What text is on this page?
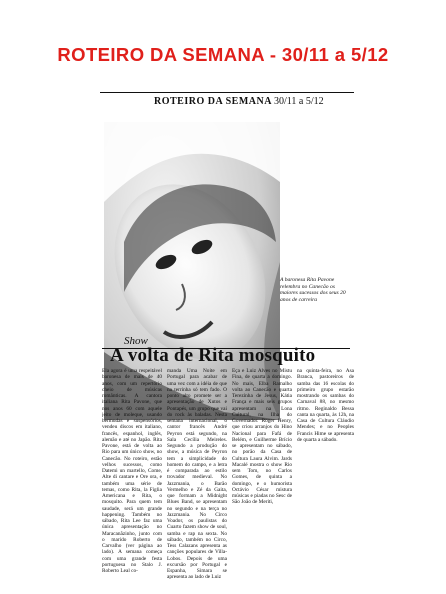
ROTEIRO DA SEMANA - 30/11 a 5/12
ROTEIRO DA SEMANA 30/11 a 5/12
A baronesa Rita Pavone relembra no Canecão os maiores sucessos dos seus 20 anos de carreira
Show
A volta de Rita mosquito

Ela agora é uma respeitável baronesa de mais de 40 anos, com um repertório cheio de músicas românticas. A cantora italiana Rita Pavone, que nos anos 60 com aquele jeito de moleque, usando bermudas e suspensórios, vendeu discos em italiano, francês, espanhol, inglês, alemão e até no Japão. Rita Pavone, está de volta ao Rio para um único show, no Canecão. No roteiro, estão velhos sucessos, como Datemi un martello, Come, Alte di cantare e Ore ora, e também uma série de temas, como Rita, la Figlia Americana e Rita, o mosquito. Para quem tem saudade, será um grande happening. Também no sábado, Rita Lee faz uma única apresentação no Maracanãzinho, junto com o marido Roberto de Carvalho (ver página ao lado). A semana começa com uma grande festa portuguesa no Stalo J. Roberto Leal co-

manda Uma Noite em Portugal para acabar de uma vez com a idéia de que na terrinha só tem fado. O ponto alto promete ser a apresentação de Xutos e Pontapés, um grupo que vai do rock às baladas. Nesta semana internacional, o cantor francês André Peyron está segundo, na Sala Cecília Meireles. Segundo a produção do show, a música de Peyron tem a simplicidade do homem do campo, e a letra é comparada ao estilo trovador medieval. No Jazzmania, o Barão Vermelho e Zé da Gaita, que formam a Midnight Blues Band, se apresentam no segundo e na terça no Jazzmania. No Circo Voador, os paulistas do Cuarto fazem show de soul, samba e rap na sexta. No sábado, também no Circo, Tess Calazans apresenta as canções populares de Villa-Lobos. Depois de uma excursão por Portugal e Espanha, Simara se apresenta ao lado de Luiz

Eça e Luiz Alves no Mistu Fina, de quarta a domingo. No mais, Elba Ramalho volta ao Canecão e quarta Terezinha de Jesus, Kátia França e mais seis grupos apresentam na Lona Cultural, na Ilha do Governador. Roger Henry, que criou arranjos do Hino Nacional para Fafá de Belém, e Guilherme Brício se apresentam no sábado, no porão da Casa de Cultura Laura Alvim. Jards Macalé mostra o show Rio sem Tom, no Carlos Gomes, de quinta a domingo, e o humorista Octávio César mistura músicas e piadas no Sesc de São João de Meriti,

na quinta-feira, no Asa Branca, pastoreiros de samba das 16 escolas do primeiro grupo estarão mostrando os sambas do Carnaval 88, no mesmo ritmo. Reginaldo Bessa canta na quarta, às 12h, na Casa de Cultura Cláudio Mendes; e no Peoples Francis Hime se apresenta de quarta a sábado.
